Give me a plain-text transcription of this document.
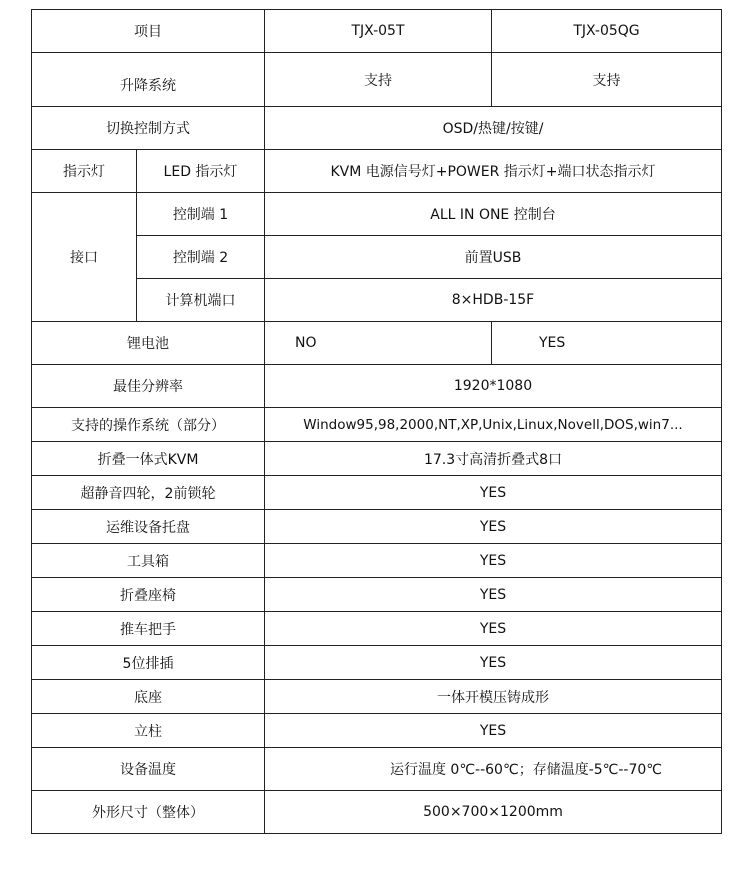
项目		TJX-05T	TJX-05QG
升降系统		支持	支持
切换控制方式		OSD/热键/按键/	
指示灯	LED 指示灯	KVM 电源信号灯+POWER 指示灯+端口状态指示灯	
接口	控制端 1	ALL IN ONE 控制台	
	控制端 2	前置USB	
	计算机端口	8×HDB-15F	
锂电池		NO	YES
最佳分辨率		1920*1080	
支持的操作系统（部分）		Window95,98,2000,NT,XP,Unix,Linux,Novell,DOS,win7...	
折叠一体式KVM		17.3寸高清折叠式8口	
超静音四轮，2前锁轮		YES	
运维设备托盘		YES	
工具箱		YES	
折叠座椅		YES	
推车把手		YES	
5位排插		YES	
底座		一体开模压铸成形	
立柱		YES	
设备温度		运行温度 0℃--60℃；存储温度-5℃--70℃	
外形尺寸（整体）		500×700×1200mm	
